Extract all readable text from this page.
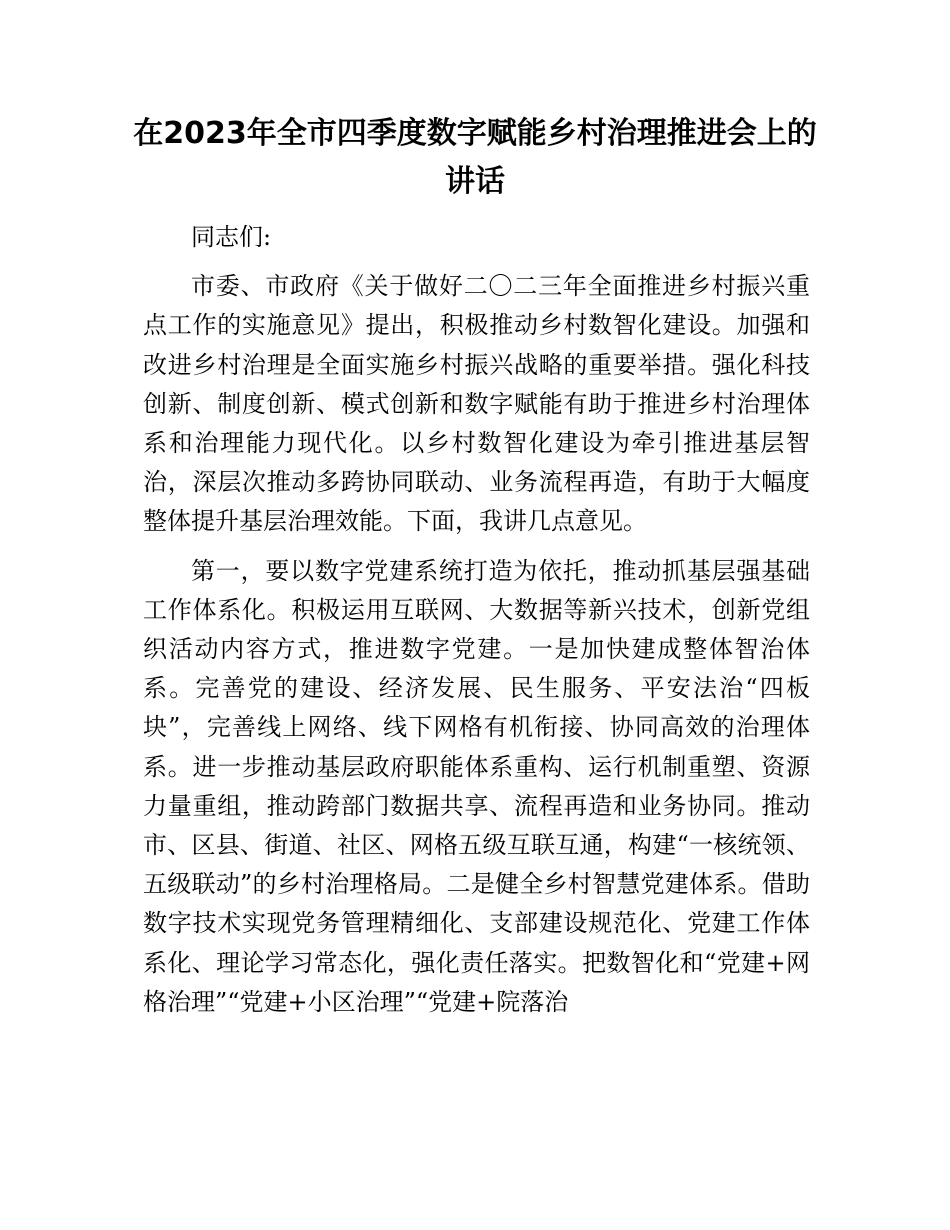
在2023年全市四季度数字赋能乡村治理推进会上的讲话

同志们:

市委、市政府《关于做好二〇二三年全面推进乡村振兴重点工作的实施意见》提出，积极推动乡村数智化建设。加强和改进乡村治理是全面实施乡村振兴战略的重要举措。强化科技创新、制度创新、模式创新和数字赋能有助于推进乡村治理体系和治理能力现代化。以乡村数智化建设为牵引推进基层智治，深层次推动多跨协同联动、业务流程再造，有助于大幅度整体提升基层治理效能。下面，我讲几点意见。

第一，要以数字党建系统打造为依托，推动抓基层强基础工作体系化。积极运用互联网、大数据等新兴技术，创新党组织活动内容方式，推进数字党建。一是加快建成整体智治体系。完善党的建设、经济发展、民生服务、平安法治“四板块”，完善线上网络、线下网格有机衔接、协同高效的治理体系。进一步推动基层政府职能体系重构、运行机制重塑、资源力量重组，推动跨部门数据共享、流程再造和业务协同。推动市、区县、街道、社区、网格五级互联互通，构建“一核统领、五级联动”的乡村治理格局。二是健全乡村智慧党建体系。借助数字技术实现党务管理精细化、支部建设规范化、党建工作体系化、理论学习常态化，强化责任落实。把数智化和“党建+网格治理”“党建+小区治理”“党建+院落治
